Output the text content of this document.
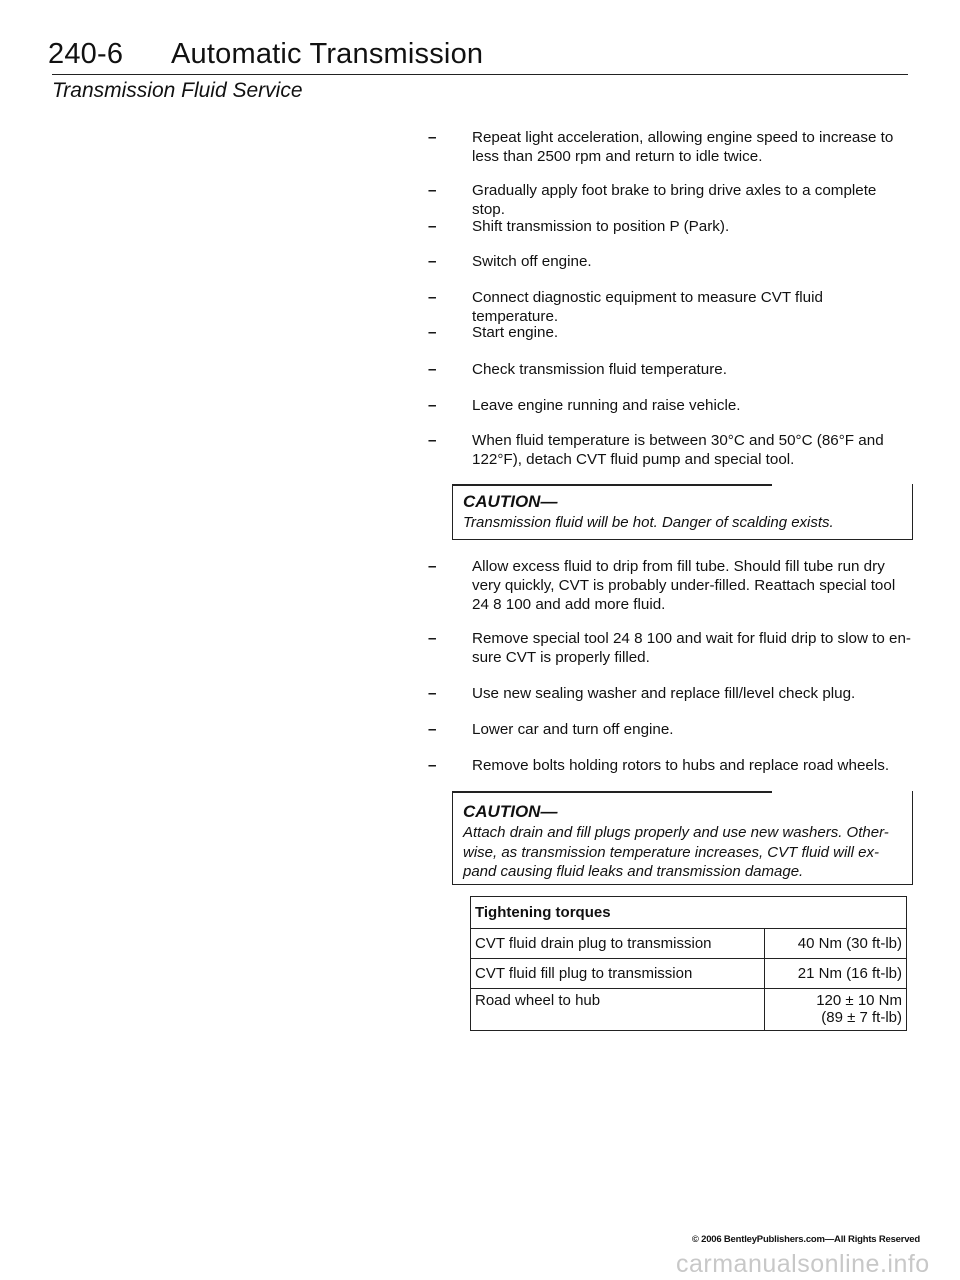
240-6 Automatic Transmission
Transmission Fluid Service
–	Repeat light acceleration, allowing engine speed to increase to less than 2500 rpm and return to idle twice.
–	Gradually apply foot brake to bring drive axles to a complete stop.
–	Shift transmission to position P (Park).
–	Switch off engine.
–	Connect diagnostic equipment to measure CVT fluid temperature.
–	Start engine.
–	Check transmission fluid temperature.
–	Leave engine running and raise vehicle.
–	When fluid temperature is between 30°C and 50°C (86°F and 122°F), detach CVT fluid pump and special tool.
CAUTION—
Transmission fluid will be hot. Danger of scalding exists.
–	Allow excess fluid to drip from fill tube. Should fill tube run dry very quickly, CVT is probably under-filled. Reattach special tool 24 8 100 and add more fluid.
–	Remove special tool 24 8 100 and wait for fluid drip to slow to en- sure CVT is properly filled.
–	Use new sealing washer and replace fill/level check plug.
–	Lower car and turn off engine.
–	Remove bolts holding rotors to hubs and replace road wheels.
CAUTION—
Attach drain and fill plugs properly and use new washers. Other- wise, as transmission temperature increases, CVT fluid will ex- pand causing fluid leaks and transmission damage.
Tightening torques	
CVT fluid drain plug to transmission	40 Nm (30 ft-lb)
CVT fluid fill plug to transmission	21 Nm (16 ft-lb)
Road wheel to hub	120 ± 10 Nm
(89 ± 7 ft-lb)
© 2006 BentleyPublishers.com—All Rights Reserved
carmanualsonline.info
